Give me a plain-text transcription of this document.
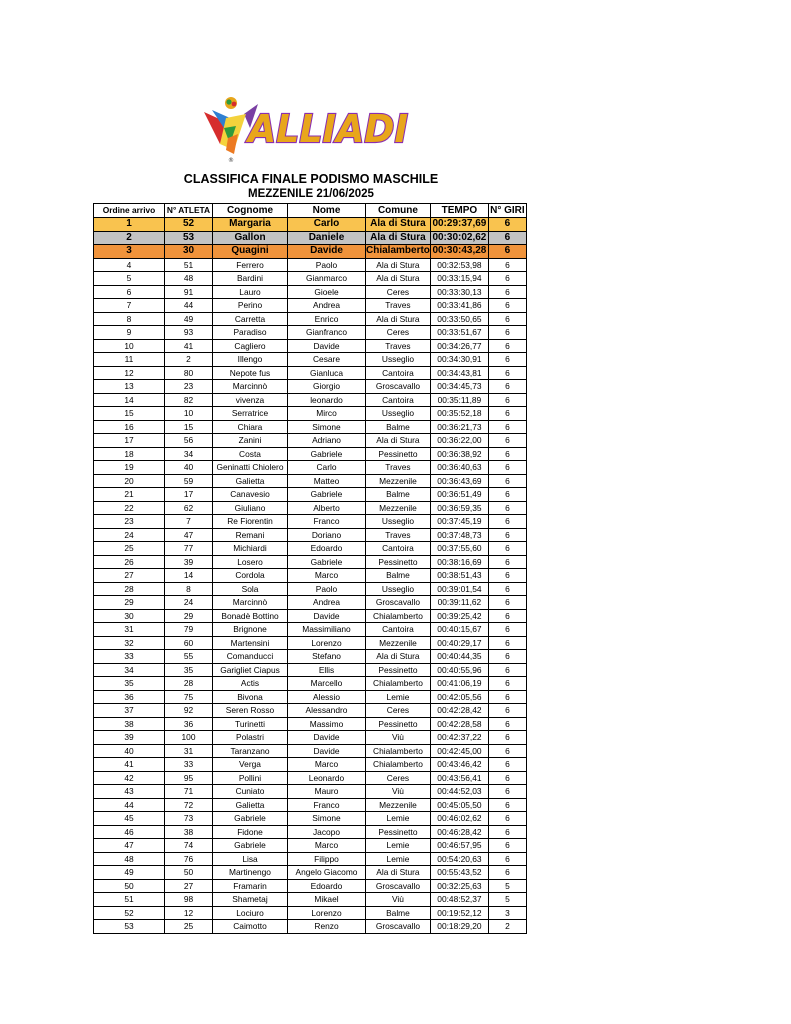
®
ALLIADI
CLASSIFICA FINALE PODISMO MASCHILE
MEZZENILE 21/06/2025
Ordine arrivo	N° ATLETA	Cognome	Nome	Comune	TEMPO	N° GIRI
1	52	Margaria	Carlo	Ala di Stura	00:29:37,69	6
2	53	Gallon	Daniele	Ala di Stura	00:30:02,62	6
3	30	Quagini	Davide	Chialamberto	00:30:43,28	6
4	51	Ferrero	Paolo	Ala di Stura	00:32:53,98	6
5	48	Bardini	Gianmarco	Ala di Stura	00:33:15,94	6
6	91	Lauro	Gioele	Ceres	00:33:30,13	6
7	44	Perino	Andrea	Traves	00:33:41,86	6
8	49	Carretta	Enrico	Ala di Stura	00:33:50,65	6
9	93	Paradiso	Gianfranco	Ceres	00:33:51,67	6
10	41	Cagliero	Davide	Traves	00:34:26,77	6
11	2	Illengo	Cesare	Usseglio	00:34:30,91	6
12	80	Nepote fus	Gianluca	Cantoira	00:34:43,81	6
13	23	Marcinnò	Giorgio	Groscavallo	00:34:45,73	6
14	82	vivenza	leonardo	Cantoira	00:35:11,89	6
15	10	Serratrice	Mirco	Usseglio	00:35:52,18	6
16	15	Chiara	Simone	Balme	00:36:21,73	6
17	56	Zanini	Adriano	Ala di Stura	00:36:22,00	6
18	34	Costa	Gabriele	Pessinetto	00:36:38,92	6
19	40	Geninatti Chiolero	Carlo	Traves	00:36:40,63	6
20	59	Galietta	Matteo	Mezzenile	00:36:43,69	6
21	17	Canavesio	Gabriele	Balme	00:36:51,49	6
22	62	Giuliano	Alberto	Mezzenile	00:36:59,35	6
23	7	Re Fiorentin	Franco	Usseglio	00:37:45,19	6
24	47	Remani	Doriano	Traves	00:37:48,73	6
25	77	Michiardi	Edoardo	Cantoira	00:37:55,60	6
26	39	Losero	Gabriele	Pessinetto	00:38:16,69	6
27	14	Cordola	Marco	Balme	00:38:51,43	6
28	8	Sola	Paolo	Usseglio	00:39:01,54	6
29	24	Marcinnò	Andrea	Groscavallo	00:39:11,62	6
30	29	Bonadè Bottino	Davide	Chialamberto	00:39:25,42	6
31	79	Brignone	Massimiliano	Cantoira	00:40:15,67	6
32	60	Martensini	Lorenzo	Mezzenile	00:40:29,17	6
33	55	Comanducci	Stefano	Ala di Stura	00:40:44,35	6
34	35	Garigliet Ciapus	Ellis	Pessinetto	00:40:55,96	6
35	28	Actis	Marcello	Chialamberto	00:41:06,19	6
36	75	Bivona	Alessio	Lemie	00:42:05,56	6
37	92	Seren Rosso	Alessandro	Ceres	00:42:28,42	6
38	36	Turinetti	Massimo	Pessinetto	00:42:28,58	6
39	100	Polastri	Davide	Viù	00:42:37,22	6
40	31	Taranzano	Davide	Chialamberto	00:42:45,00	6
41	33	Verga	Marco	Chialamberto	00:43:46,42	6
42	95	Pollini	Leonardo	Ceres	00:43:56,41	6
43	71	Cuniato	Mauro	Viù	00:44:52,03	6
44	72	Galietta	Franco	Mezzenile	00:45:05,50	6
45	73	Gabriele	Simone	Lemie	00:46:02,62	6
46	38	Fidone	Jacopo	Pessinetto	00:46:28,42	6
47	74	Gabriele	Marco	Lemie	00:46:57,95	6
48	76	Lisa	Filippo	Lemie	00:54:20,63	6
49	50	Martinengo	Angelo Giacomo	Ala di Stura	00:55:43,52	6
50	27	Framarin	Edoardo	Groscavallo	00:32:25,63	5
51	98	Shametaj	Mikael	Viù	00:48:52,37	5
52	12	Lociuro	Lorenzo	Balme	00:19:52,12	3
53	25	Caimotto	Renzo	Groscavallo	00:18:29,20	2
